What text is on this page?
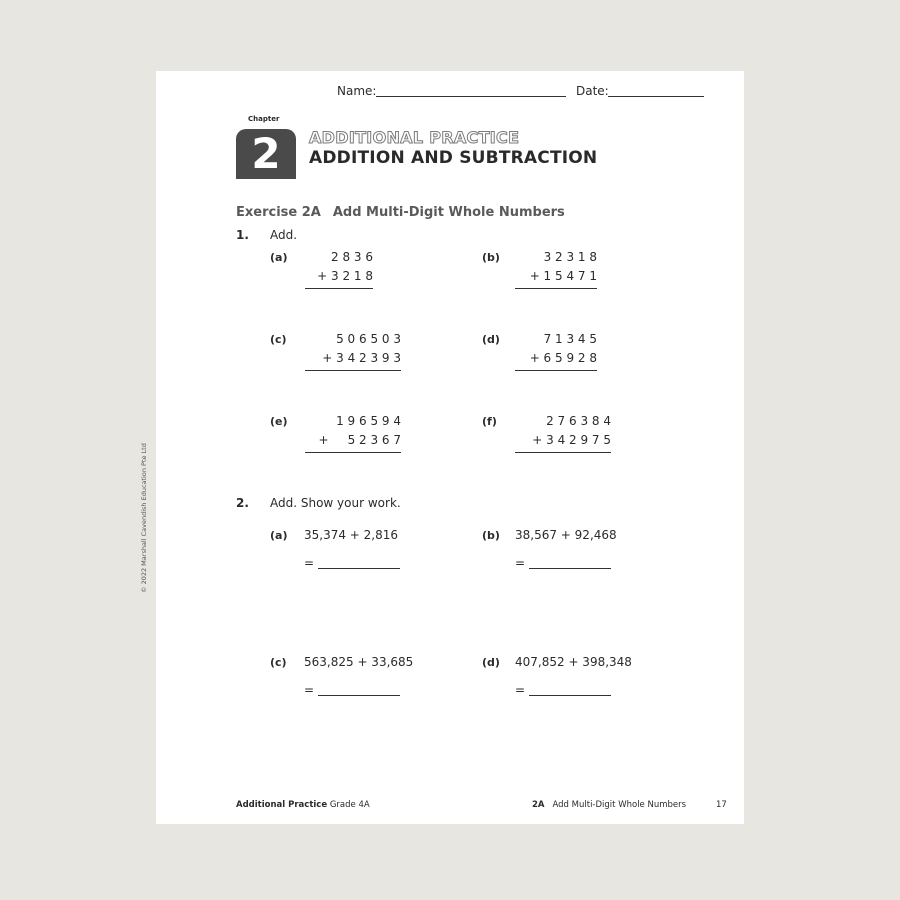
Name:	Date:
Chapter
2 ADDITIONAL PRACTICE
ADDITION AND SUBTRACTION
Exercise 2A Add Multi-Digit Whole Numbers
1. Add.
(a)	2 8 3 6
+ 3 2 1 8
(b)	3 2 3 1 8
+ 1 5 4 7 1
(c)	5 0 6 5 0 3
+ 3 4 2 3 9 3
(d)	7 1 3 4 5
+ 6 5 9 2 8
(e)	1 9 6 5 9 4
+     5 2 3 6 7
(f)	2 7 6 3 8 4
+ 3 4 2 9 7 5
2. Add. Show your work.
(a) 35,374 + 2,816
=
(b) 38,567 + 92,468
=
(c) 563,825 + 33,685
=
(d) 407,852 + 398,348
=
© 2022 Marshall Cavendish Education Pte Ltd
Additional Practice Grade 4A	2A Add Multi-Digit Whole Numbers	17
